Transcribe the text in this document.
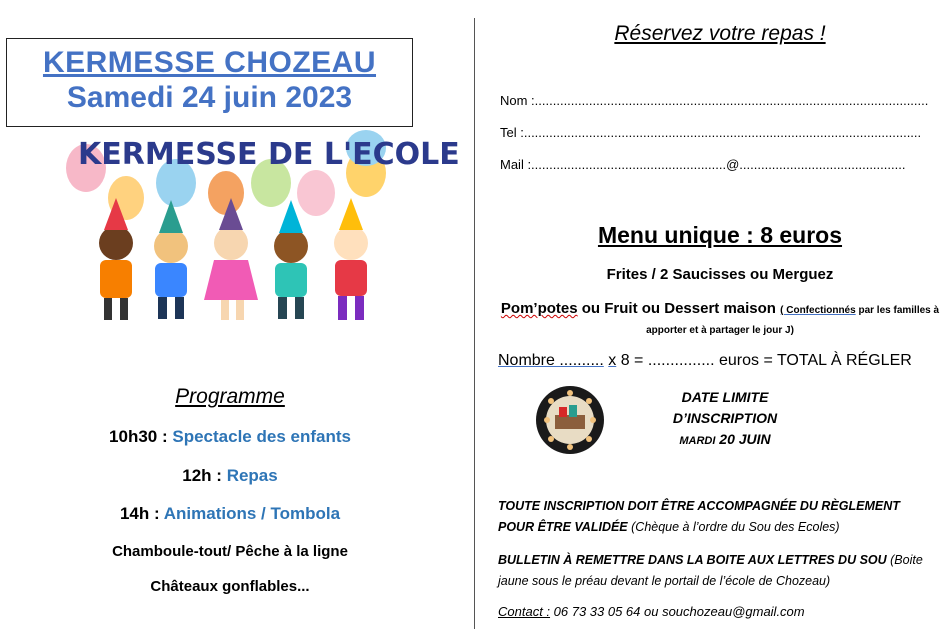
KERMESSE CHOZEAU
Samedi 24 juin 2023
KERMESSE DE L'ECOLE
Programme
10h30 : Spectacle des enfants
12h : Repas
14h : Animations / Tombola
Chamboule-tout/ Pêche à la ligne
Châteaux gonflables...
Réservez votre repas !
Nom :.............................................................................................................
Tel :..............................................................................................................
Mail :......................................................@..............................................
Menu unique : 8 euros
Frites / 2 Saucisses ou Merguez
Pom’potes ou Fruit ou Dessert maison ( Confectionnés par les familles à apporter et à partager le jour J)
Nombre .......... x 8 = ............... euros = TOTAL À RÉGLER
DATE LIMITE
D’INSCRIPTION
MARDI 20 JUIN
TOUTE INSCRIPTION DOIT ÊTRE ACCOMPAGNÉE DU RÈGLEMENT POUR ÊTRE VALIDÉE (Chèque à l’ordre du Sou des Ecoles)
BULLETIN À REMETTRE DANS LA BOITE AUX LETTRES DU SOU (Boite jaune sous le préau devant le portail de l’école de Chozeau)
Contact : 06 73 33 05 64 ou souchozeau@gmail.com
